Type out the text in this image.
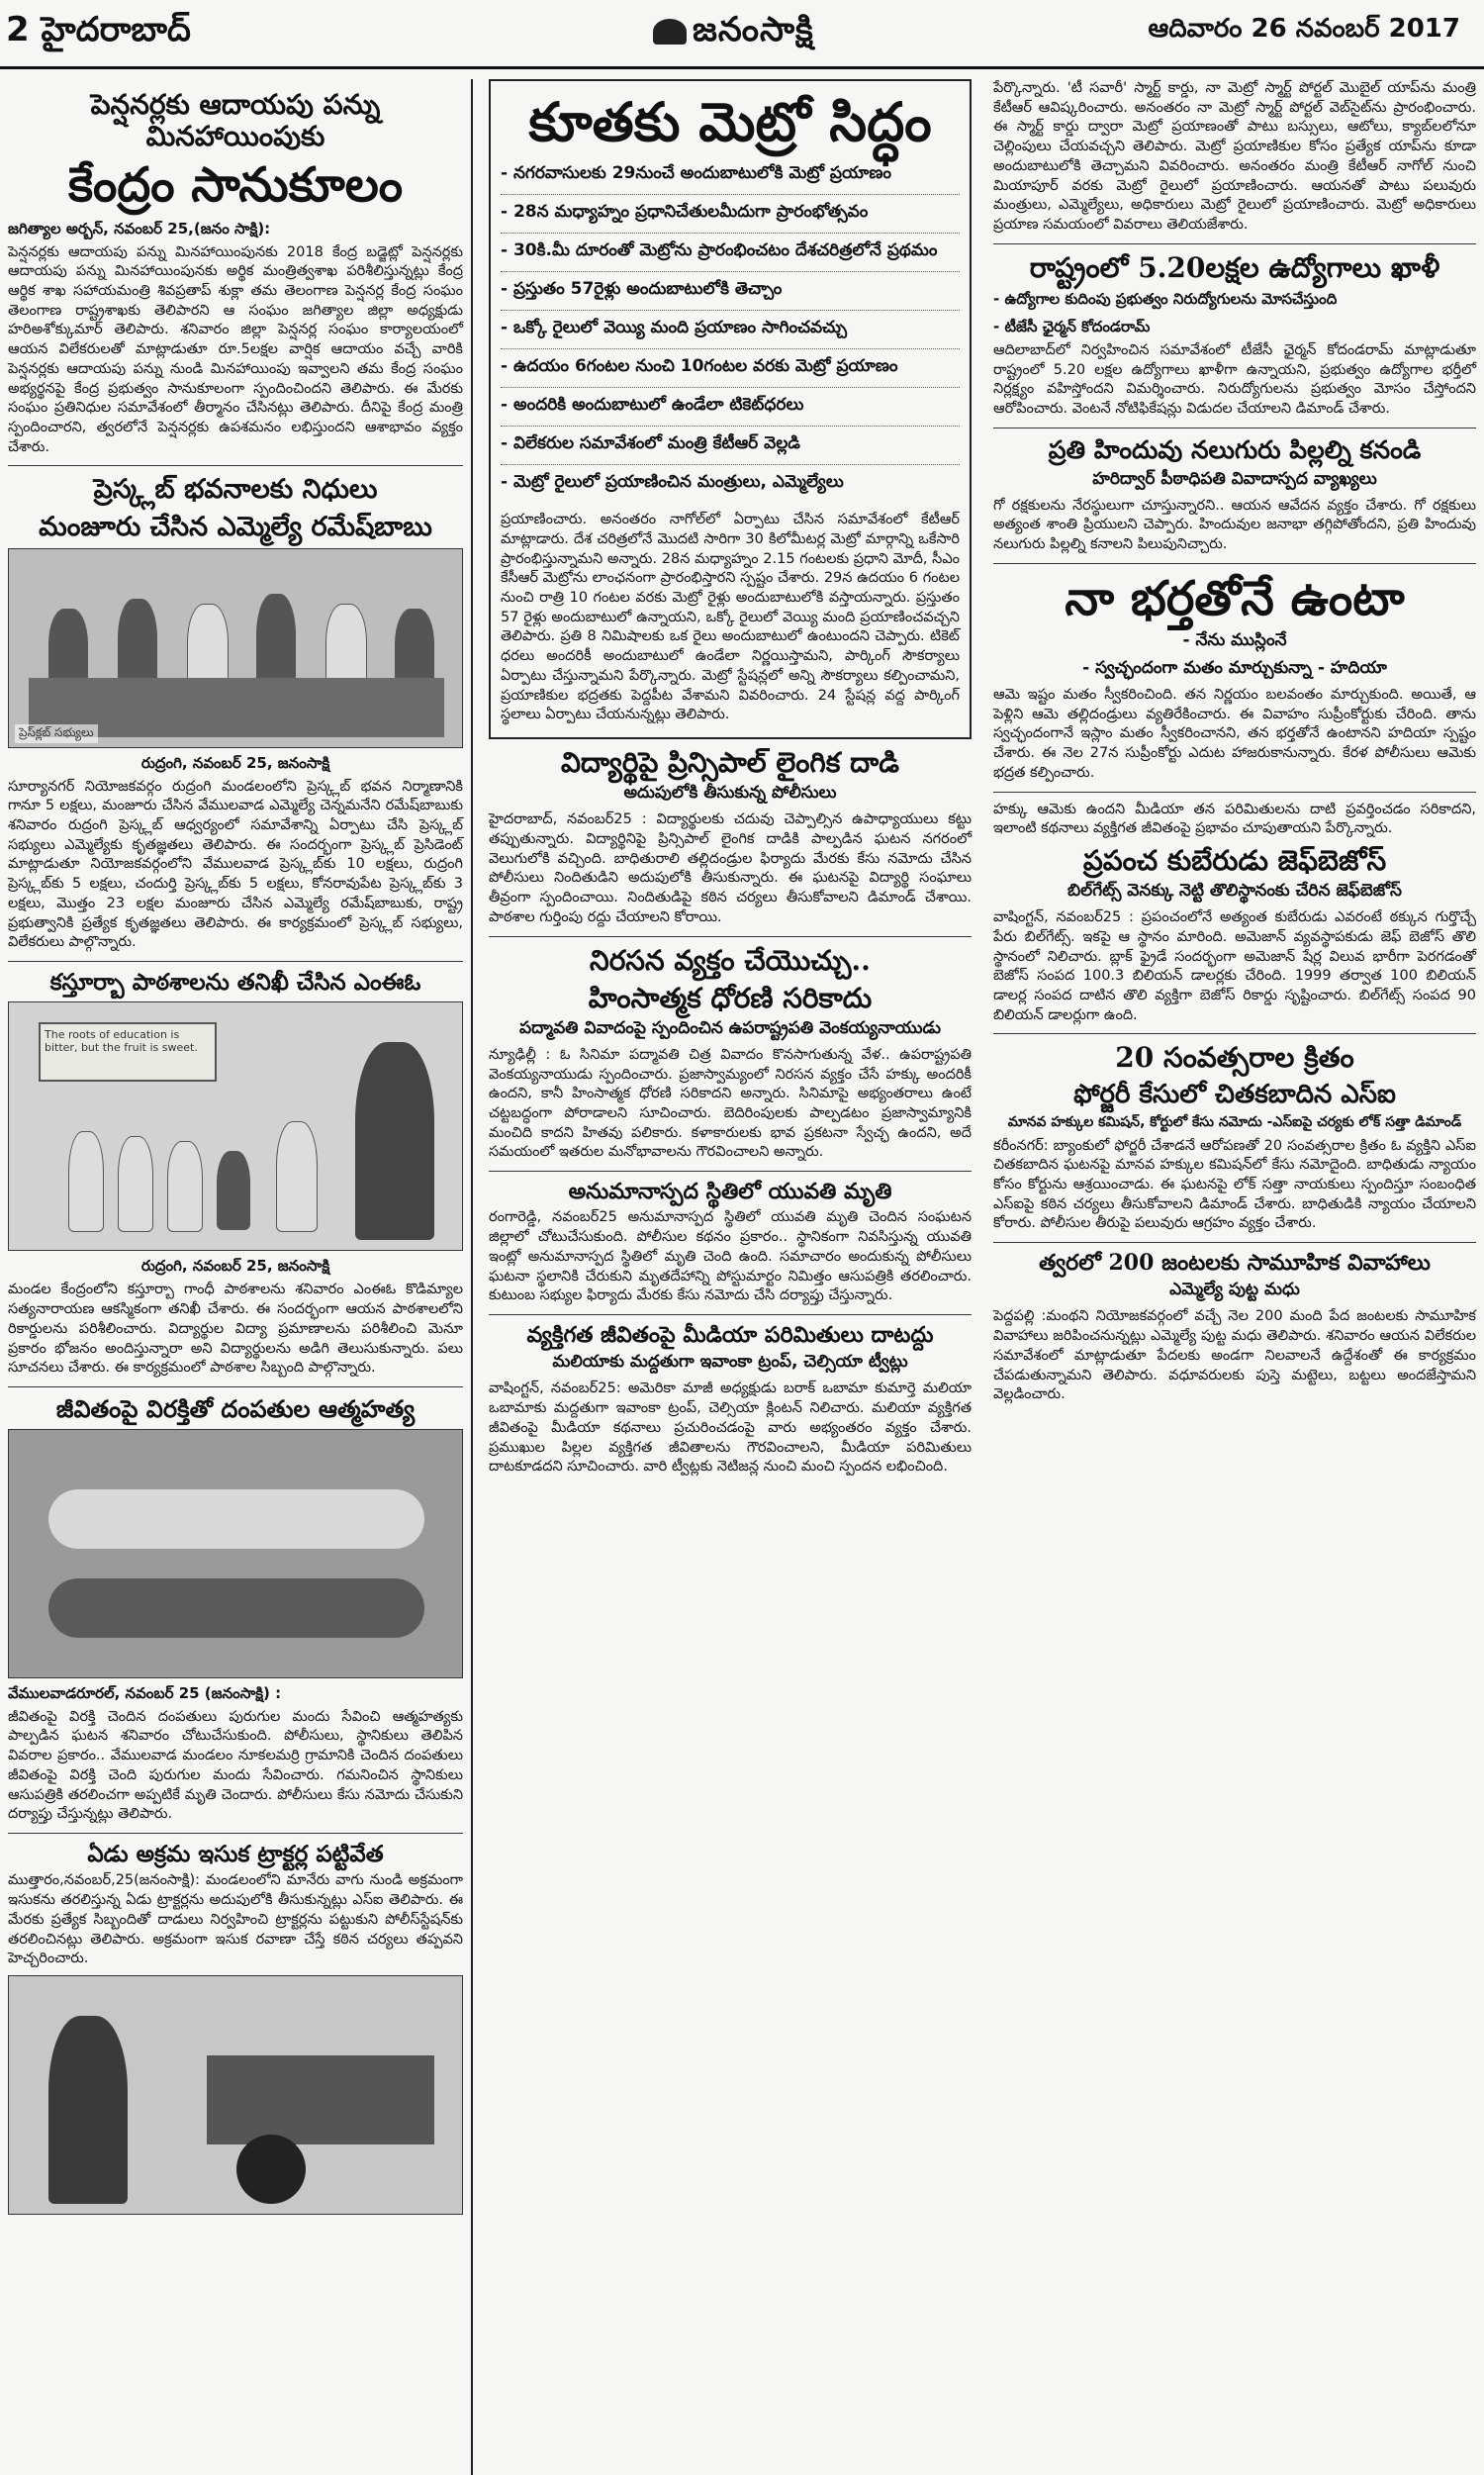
2 హైదరాబాద్	జనంసాక్షి	ఆదివారం 26 నవంబర్ 2017
పెన్షనర్లకు ఆదాయపు పన్ను మినహాయింపుకు
కేంద్రం సానుకూలం
జగిత్యాల అర్బన్, నవంబర్ 25,(జనం సాక్షి):

పెన్షనర్లకు ఆదాయపు పన్ను మినహాయింపునకు 2018 కేంద్ర బడ్జెట్లో పెన్షనర్లకు ఆదాయపు పన్ను మినహాయింపునకు అర్థిక మంత్రిత్వశాఖ పరిశీలిస్తున్నట్లు కేంద్ర ఆర్థిక శాఖ సహాయమంత్రి శివప్రతాప్ శుక్లా తమ తెలంగాణ పెన్షనర్ల కేంద్ర సంఘం తెలంగాణ రాష్ట్రశాఖకు తెలిపారని ఆ సంఘం జగిత్యాల జిల్లా అధ్యక్షుడు హరిఅశోక్కుమార్ తెలిపారు. శనివారం జిల్లా పెన్షనర్ల సంఘం కార్యాలయంలో ఆయన విలేకరులతో మాట్లాడుతూ రూ.5లక్షల వార్షిక ఆదాయం వచ్చే వారికి పెన్షనర్లకు ఆదాయపు పన్ను నుండి మినహాయింపు ఇవ్వాలని తమ కేంద్ర సంఘం అభ్యర్థనపై కేంద్ర ప్రభుత్వం సానుకూలంగా స్పందించిందని తెలిపారు. ఈ మేరకు సంఘం ప్రతినిధుల సమావేశంలో తీర్మానం చేసినట్లు తెలిపారు. దీనిపై కేంద్ర మంత్రి స్పందించారని, త్వరలోనే పెన్షనర్లకు ఉపశమనం లభిస్తుందని ఆశాభావం వ్యక్తం చేశారు.

ప్రెస్క్లబ్ భవనాలకు నిధులు
మంజూరు చేసిన ఎమ్మెల్యే రమేష్‌బాబు
ప్రెస్‌క్లబ్ సభ్యులు
రుద్రంగి, నవంబర్ 25, జనంసాక్షి

సూర్యానగర్ నియోజకవర్గం రుద్రంగి మండలంలోని ప్రెస్క్లబ్ భవన నిర్మాణానికి గానూ 5 లక్షలు, మంజూరు చేసిన వేములవాడ ఎమ్మెల్యే చెన్నమనేని రమేష్‌బాబుకు శనివారం రుద్రంగి ప్రెస్క్లబ్ ఆధ్వర్యంలో సమావేశాన్ని ఏర్పాటు చేసి ప్రెస్క్లబ్ సభ్యులు ఎమ్మెల్యేకు కృతజ్ఞతలు తెలిపారు. ఈ సందర్భంగా ప్రెస్క్లబ్ ప్రెసిడెంట్ మాట్లాడుతూ నియోజకవర్గంలోని వేములవాడ ప్రెస్క్లబ్‌కు 10 లక్షలు, రుద్రంగి ప్రెస్క్లబ్‌కు 5 లక్షలు, చందుర్తి ప్రెస్క్లబ్‌కు 5 లక్షలు, కోనరావుపేట ప్రెస్క్లబ్‌కు 3 లక్షలు, మొత్తం 23 లక్షల మంజూరు చేసిన ఎమ్మెల్యే రమేష్‌బాబుకు, రాష్ట్ర ప్రభుత్వానికి ప్రత్యేక కృతజ్ఞతలు తెలిపారు. ఈ కార్యక్రమంలో ప్రెస్క్లబ్ సభ్యులు, విలేకరులు పాల్గొన్నారు.

కస్తూర్బా పాఠశాలను తనిఖీ చేసిన ఎంఈఓ
The roots of education is bitter, but the fruit is sweet.
రుద్రంగి, నవంబర్ 25, జనంసాక్షి

మండల కేంద్రంలోని కస్తూర్బా గాంధీ పాఠశాలను శనివారం ఎంఈఓ కొడిమ్యాల సత్యనారాయణ ఆకస్మికంగా తనిఖీ చేశారు. ఈ సందర్భంగా ఆయన పాఠశాలలోని రికార్డులను పరిశీలించారు. విద్యార్థుల విద్యా ప్రమాణాలను పరిశీలించి మెనూ ప్రకారం భోజనం అందిస్తున్నారా అని విద్యార్థులను అడిగి తెలుసుకున్నారు. పలు సూచనలు చేశారు. ఈ కార్యక్రమంలో పాఠశాల సిబ్బంది పాల్గొన్నారు.

జీవితంపై విరక్తితో దంపతుల ఆత్మహత్య
వేములవాడరూరల్, నవంబర్ 25 (జనంసాక్షి) :

జీవితంపై విరక్తి చెందిన దంపతులు పురుగుల మందు సేవించి ఆత్మహత్యకు పాల్పడిన ఘటన శనివారం చోటుచేసుకుంది. పోలీసులు, స్థానికులు తెలిపిన వివరాల ప్రకారం.. వేములవాడ మండలం నూకలమర్రి గ్రామానికి చెందిన దంపతులు జీవితంపై విరక్తి చెంది పురుగుల మందు సేవించారు. గమనించిన స్థానికులు ఆసుపత్రికి తరలించగా అప్పటికే మృతి చెందారు. పోలీసులు కేసు నమోదు చేసుకుని దర్యాప్తు చేస్తున్నట్లు తెలిపారు.

ఏడు అక్రమ ఇసుక ట్రాక్టర్ల పట్టివేత

ముత్తారం,నవంబర్,25(జనంసాక్షి): మండలంలోని మానేరు వాగు నుండి అక్రమంగా ఇసుకను తరలిస్తున్న ఏడు ట్రాక్టర్లను అదుపులోకి తీసుకున్నట్లు ఎస్‌ఐ తెలిపారు. ఈ మేరకు ప్రత్యేక సిబ్బందితో దాడులు నిర్వహించి ట్రాక్టర్లను పట్టుకుని పోలీస్‌స్టేషన్‌కు తరలించినట్లు తెలిపారు. అక్రమంగా ఇసుక రవాణా చేస్తే కఠిన చర్యలు తప్పవని హెచ్చరించారు.

కూతకు మెట్రో సిద్ధం
- నగరవాసులకు 29నుంచే అందుబాటులోకి మెట్రో ప్రయాణం
- 28న మధ్యాహ్నం ప్రధానిచేతులమీదుగా ప్రారంభోత్సవం
- 30కి.మీ దూరంతో మెట్రోను ప్రారంభించటం దేశచరిత్రలోనే ప్రథమం
- ప్రస్తుతం 57రైళ్లు అందుబాటులోకి తెచ్చాం
- ఒక్కో రైలులో వెయ్యి మంది ప్రయాణం సాగించవచ్చు
- ఉదయం 6గంటల నుంచి 10గంటల వరకు మెట్రో ప్రయాణం
- అందరికి అందుబాటులో ఉండేలా టికెట్‌ధరలు
- విలేకరుల సమావేశంలో మంత్రి కేటీఆర్ వెల్లడి
- మెట్రో రైలులో ప్రయాణించిన మంత్రులు, ఎమ్మెల్యేలు

ప్రయాణించారు. అనంతరం నాగోల్‌లో ఏర్పాటు చేసిన సమావేశంలో కేటీఆర్ మాట్లాడారు. దేశ చరిత్రలోనే మొదటి సారిగా 30 కిలోమీటర్ల మెట్రో మార్గాన్ని ఒకేసారి ప్రారంభిస్తున్నామని అన్నారు. 28న మధ్యాహ్నం 2.15 గంటలకు ప్రధాని మోదీ, సీఎం కేసీఆర్ మెట్రోను లాంఛనంగా ప్రారంభిస్తారని స్పష్టం చేశారు. 29న ఉదయం 6 గంటల నుంచి రాత్రి 10 గంటల వరకు మెట్రో రైళ్లు అందుబాటులోకి వస్తాయన్నారు. ప్రస్తుతం 57 రైళ్లు అందుబాటులో ఉన్నాయని, ఒక్కో రైలులో వెయ్యి మంది ప్రయాణించవచ్చని తెలిపారు. ప్రతి 8 నిమిషాలకు ఒక రైలు అందుబాటులో ఉంటుందని చెప్పారు. టికెట్ ధరలు అందరికీ అందుబాటులో ఉండేలా నిర్ణయిస్తామని, పార్కింగ్ సౌకర్యాలు ఏర్పాటు చేస్తున్నామని పేర్కొన్నారు. మెట్రో స్టేషన్లలో అన్ని సౌకర్యాలు కల్పించామని, ప్రయాణికుల భద్రతకు పెద్దపీట వేశామని వివరించారు. 24 స్టేషన్ల వద్ద పార్కింగ్ స్థలాలు ఏర్పాటు చేయనున్నట్లు తెలిపారు.

విద్యార్థిపై ప్రిన్సిపాల్ లైంగిక దాడి
అదుపులోకి తీసుకున్న పోలీసులు

హైదరాబాద్, నవంబర్25 : విద్యార్థులకు చదువు చెప్పాల్సిన ఉపాధ్యాయులు కట్టు తప్పుతున్నారు. విద్యార్థినిపై ప్రిన్సిపాల్ లైంగిక దాడికి పాల్పడిన ఘటన నగరంలో వెలుగులోకి వచ్చింది. బాధితురాలి తల్లిదండ్రుల ఫిర్యాదు మేరకు కేసు నమోదు చేసిన పోలీసులు నిందితుడిని అదుపులోకి తీసుకున్నారు. ఈ ఘటనపై విద్యార్థి సంఘాలు తీవ్రంగా స్పందించాయి. నిందితుడిపై కఠిన చర్యలు తీసుకోవాలని డిమాండ్ చేశాయి. పాఠశాల గుర్తింపు రద్దు చేయాలని కోరాయి.

నిరసన వ్యక్తం చేయొచ్చు..
హింసాత్మక ధోరణి సరికాదు
పద్మావతి వివాదంపై స్పందించిన ఉపరాష్ట్రపతి వెంకయ్యనాయుడు

న్యూఢిల్లీ : ఓ సినిమా పద్మావతి చిత్ర వివాదం కొనసాగుతున్న వేళ.. ఉపరాష్ట్రపతి వెంకయ్యనాయుడు స్పందించారు. ప్రజాస్వామ్యంలో నిరసన వ్యక్తం చేసే హక్కు అందరికీ ఉందని, కానీ హింసాత్మక ధోరణి సరికాదని అన్నారు. సినిమాపై అభ్యంతరాలు ఉంటే చట్టబద్ధంగా పోరాడాలని సూచించారు. బెదిరింపులకు పాల్పడటం ప్రజాస్వామ్యానికి మంచిది కాదని హితవు పలికారు. కళాకారులకు భావ ప్రకటనా స్వేచ్ఛ ఉందని, అదే సమయంలో ఇతరుల మనోభావాలను గౌరవించాలని అన్నారు.

అనుమానాస్పద స్థితిలో యువతి మృతి

రంగారెడ్డి, నవంబర్25 అనుమానాస్పద స్థితిలో యువతి మృతి చెందిన సంఘటన జిల్లాలో చోటుచేసుకుంది. పోలీసుల కథనం ప్రకారం.. స్థానికంగా నివసిస్తున్న యువతి ఇంట్లో అనుమానాస్పద స్థితిలో మృతి చెంది ఉంది. సమాచారం అందుకున్న పోలీసులు ఘటనా స్థలానికి చేరుకుని మృతదేహాన్ని పోస్టుమార్టం నిమిత్తం ఆసుపత్రికి తరలించారు. కుటుంబ సభ్యుల ఫిర్యాదు మేరకు కేసు నమోదు చేసి దర్యాప్తు చేస్తున్నారు.

వ్యక్తిగత జీవితంపై మీడియా పరిమితులు దాటద్దు
మలియాకు మద్దతుగా ఇవాంకా ట్రంప్, చెల్సియా ట్వీట్లు

వాషింగ్టన్, నవంబర్25: అమెరికా మాజీ అధ్యక్షుడు బరాక్ ఒబామా కుమార్తె మలియా ఒబామాకు మద్దతుగా ఇవాంకా ట్రంప్, చెల్సియా క్లింటన్ నిలిచారు. మలియా వ్యక్తిగత జీవితంపై మీడియా కథనాలు ప్రచురించడంపై వారు అభ్యంతరం వ్యక్తం చేశారు. ప్రముఖుల పిల్లల వ్యక్తిగత జీవితాలను గౌరవించాలని, మీడియా పరిమితులు దాటకూడదని సూచించారు. వారి ట్వీట్లకు నెటిజన్ల నుంచి మంచి స్పందన లభించింది.

పేర్కొన్నారు. 'టీ సవారీ' స్మార్ట్ కార్డు, నా మెట్రో స్మార్ట్ పోర్టల్ మొబైల్ యాప్‌ను మంత్రి కేటీఆర్ ఆవిష్కరించారు. అనంతరం నా మెట్రో స్మార్ట్ పోర్టల్ వెబ్‌సైట్‌ను ప్రారంభించారు. ఈ స్మార్ట్ కార్డు ద్వారా మెట్రో ప్రయాణంతో పాటు బస్సులు, ఆటోలు, క్యాబ్‌లలోనూ చెల్లింపులు చేయవచ్చని తెలిపారు. మెట్రో ప్రయాణికుల కోసం ప్రత్యేక యాప్‌ను కూడా అందుబాటులోకి తెచ్చామని వివరించారు. అనంతరం మంత్రి కేటీఆర్ నాగోల్ నుంచి మియాపూర్ వరకు మెట్రో రైలులో ప్రయాణించారు. ఆయనతో పాటు పలువురు మంత్రులు, ఎమ్మెల్యేలు, అధికారులు మెట్రో రైలులో ప్రయాణించారు. మెట్రో అధికారులు ప్రయాణ సమయంలో వివరాలు తెలియజేశారు.

రాష్ట్రంలో 5.20లక్షల ఉద్యోగాలు ఖాళీ
- ఉద్యోగాల కుదింపు ప్రభుత్వం నిరుద్యోగులను మోసచేస్తుంది
- టీజేసీ ఛైర్మన్ కోదండరామ్

ఆదిలాబాద్‌లో నిర్వహించిన సమావేశంలో టీజేసీ ఛైర్మన్ కోదండరామ్ మాట్లాడుతూ రాష్ట్రంలో 5.20 లక్షల ఉద్యోగాలు ఖాళీగా ఉన్నాయని, ప్రభుత్వం ఉద్యోగాల భర్తీలో నిర్లక్ష్యం వహిస్తోందని విమర్శించారు. నిరుద్యోగులను ప్రభుత్వం మోసం చేస్తోందని ఆరోపించారు. వెంటనే నోటిఫికేషన్లు విడుదల చేయాలని డిమాండ్ చేశారు.

ప్రతి హిందువు నలుగురు పిల్లల్ని కనండి
హరిద్వార్ పీఠాధిపతి వివాదాస్పద వ్యాఖ్యలు

గో రక్షకులను నేరస్థులుగా చూస్తున్నారని.. ఆయన ఆవేదన వ్యక్తం చేశారు. గో రక్షకులు అత్యంత శాంతి ప్రియులని చెప్పారు. హిందువుల జనాభా తగ్గిపోతోందని, ప్రతి హిందువు నలుగురు పిల్లల్ని కనాలని పిలుపునిచ్చారు.

నా భర్తతోనే ఉంటా
- నేను ముస్లింనే
- స్వచ్ఛందంగా మతం మార్చుకున్నా - హదియా

ఆమె ఇష్టం మతం స్వీకరించింది. తన నిర్ణయం బలవంతం మార్చుకుంది. అయితే, ఆ పెళ్లిని ఆమె తల్లిదండ్రులు వ్యతిరేకించారు. ఈ వివాహం సుప్రీంకోర్టుకు చేరింది. తాను స్వచ్ఛందంగానే ఇస్లాం మతం స్వీకరించానని, తన భర్తతోనే ఉంటానని హదియా స్పష్టం చేశారు. ఈ నెల 27న సుప్రీంకోర్టు ఎదుట హాజరుకానున్నారు. కేరళ పోలీసులు ఆమెకు భద్రత కల్పించారు.

హక్కు ఆమెకు ఉందని మీడియా తన పరిమితులను దాటి ప్రవర్తించడం సరికాదని, ఇలాంటి కథనాలు వ్యక్తిగత జీవితంపై ప్రభావం చూపుతాయని పేర్కొన్నారు.

ప్రపంచ కుబేరుడు జెఫ్‌బెజోస్
బిల్‌గేట్స్ వెనక్కు నెట్టి తొలిస్థానంకు చేరిన జెఫ్‌బెజోస్

వాషింగ్టన్, నవంబర్25 : ప్రపంచంలోనే అత్యంత కుబేరుడు ఎవరంటే ఠక్కున గుర్తొచ్చే పేరు బిల్‌గేట్స్. ఇకపై ఆ స్థానం మారింది. అమెజాన్ వ్యవస్థాపకుడు జెఫ్ బెజోస్ తొలి స్థానంలో నిలిచారు. బ్లాక్ ఫ్రైడే సందర్భంగా అమెజాన్ షేర్ల విలువ భారీగా పెరగడంతో బెజోస్ సంపద 100.3 బిలియన్ డాలర్లకు చేరింది. 1999 తర్వాత 100 బిలియన్ డాలర్ల సంపద దాటిన తొలి వ్యక్తిగా బెజోస్ రికార్డు సృష్టించారు. బిల్‌గేట్స్ సంపద 90 బిలియన్ డాలర్లుగా ఉంది.

20 సంవత్సరాల క్రితం
ఫోర్జరీ కేసులో చితకబాదిన ఎస్ఐ
మానవ హక్కుల కమిషన్, కోర్టులో కేసు నమోదు -ఎస్ఐపై చర్యకు లోక్ సత్తా డిమాండ్

కరీంనగర్: బ్యాంకులో ఫోర్జరీ చేశాడనే ఆరోపణతో 20 సంవత్సరాల క్రితం ఓ వ్యక్తిని ఎస్ఐ చితకబాదిన ఘటనపై మానవ హక్కుల కమిషన్‌లో కేసు నమోదైంది. బాధితుడు న్యాయం కోసం కోర్టును ఆశ్రయించాడు. ఈ ఘటనపై లోక్ సత్తా నాయకులు స్పందిస్తూ సంబంధిత ఎస్ఐపై కఠిన చర్యలు తీసుకోవాలని డిమాండ్ చేశారు. బాధితుడికి న్యాయం చేయాలని కోరారు. పోలీసుల తీరుపై పలువురు ఆగ్రహం వ్యక్తం చేశారు.

త్వరలో 200 జంటలకు సామూహిక వివాహాలు
ఎమ్మెల్యే పుట్ట మధు

పెద్దపల్లి :మంథని నియోజకవర్గంలో వచ్చే నెల 200 మంది పేద జంటలకు సామూహిక వివాహాలు జరిపించనున్నట్లు ఎమ్మెల్యే పుట్ట మధు తెలిపారు. శనివారం ఆయన విలేకరుల సమావేశంలో మాట్లాడుతూ పేదలకు అండగా నిలవాలనే ఉద్దేశంతో ఈ కార్యక్రమం చేపడుతున్నామని తెలిపారు. వధూవరులకు పుస్తె మట్టెలు, బట్టలు అందజేస్తామని వెల్లడించారు.
